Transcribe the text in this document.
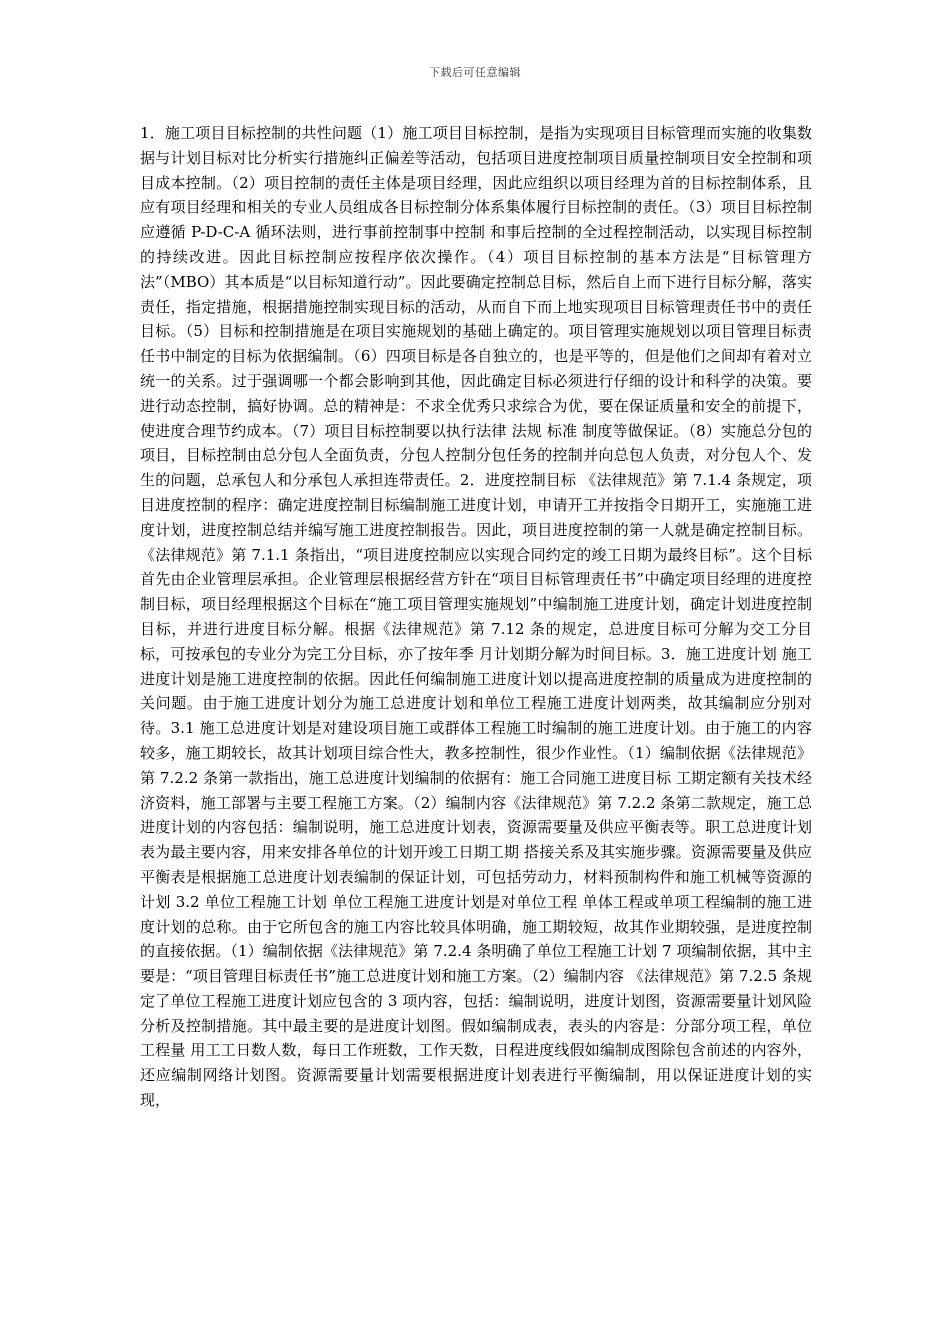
下载后可任意编辑

1．施工项目目标控制的共性问题（1）施工项目目标控制，是指为实现项目目标管理而实施的收集数据与计划目标对比分析实行措施纠正偏差等活动，包括项目进度控制项目质量控制项目安全控制和项目成本控制。（2）项目控制的责任主体是项目经理，因此应组织以项目经理为首的目标控制体系，且应有项目经理和相关的专业人员组成各目标控制分体系集体履行目标控制的责任。（3）项目目标控制应遵循 P-D-C-A 循环法则，进行事前控制事中控制 和事后控制的全过程控制活动，以实现目标控制的持续改进。因此目标控制应按程序依次操作。（4）项目目标控制的基本方法是“目标管理方法”（MBO）其本质是“以目标知道行动”。因此要确定控制总目标，然后自上而下进行目标分解，落实责任，指定措施，根据措施控制实现目标的活动，从而自下而上地实现项目目标管理责任书中的责任目标。（5）目标和控制措施是在项目实施规划的基础上确定的。项目管理实施规划以项目管理目标责任书中制定的目标为依据编制。（6）四项目标是各自独立的，也是平等的，但是他们之间却有着对立统一的关系。过于强调哪一个都会影响到其他，因此确定目标必须进行仔细的设计和科学的决策。要进行动态控制，搞好协调。总的精神是：不求全优秀只求综合为优，要在保证质量和安全的前提下，使进度合理节约成本。（7）项目目标控制要以执行法律 法规 标准 制度等做保证。（8）实施总分包的项目，目标控制由总分包人全面负责，分包人控制分包任务的控制并向总包人负责，对分包人个、发生的问题，总承包人和分承包人承担连带责任。2．进度控制目标 《法律规范》第 7.1.4 条规定，项目进度控制的程序：确定进度控制目标编制施工进度计划，申请开工并按指令日期开工，实施施工进度计划，进度控制总结并编写施工进度控制报告。因此，项目进度控制的第一人就是确定控制目标。 《法律规范》第 7.1.1 条指出，“项目进度控制应以实现合同约定的竣工日期为最终目标”。这个目标首先由企业管理层承担。企业管理层根据经营方针在“项目目标管理责任书”中确定项目经理的进度控制目标，项目经理根据这个目标在“施工项目管理实施规划”中编制施工进度计划，确定计划进度控制目标，并进行进度目标分解。根据《法律规范》第 7.12 条的规定，总进度目标可分解为交工分目标，可按承包的专业分为完工分目标，亦了按年季 月计划期分解为时间目标。3．施工进度计划 施工进度计划是施工进度控制的依据。因此任何编制施工进度计划以提高进度控制的质量成为进度控制的关问题。由于施工进度计划分为施工总进度计划和单位工程施工进度计划两类，故其编制应分别对待。3.1 施工总进度计划是对建设项目施工或群体工程施工时编制的施工进度计划。由于施工的内容较多，施工期较长，故其计划项目综合性大，教多控制性，很少作业性。（1）编制依据《法律规范》第 7.2.2 条第一款指出，施工总进度计划编制的依据有：施工合同施工进度目标 工期定额有关技术经济资料，施工部署与主要工程施工方案。（2）编制内容《法律规范》第 7.2.2 条第二款规定，施工总进度计划的内容包括：编制说明，施工总进度计划表，资源需要量及供应平衡表等。职工总进度计划表为最主要内容，用来安排各单位的计划开竣工日期工期 搭接关系及其实施步骤。资源需要量及供应平衡表是根据施工总进度计划表编制的保证计划，可包括劳动力，材料预制构件和施工机械等资源的计划 3.2 单位工程施工计划 单位工程施工进度计划是对单位工程 单体工程或单项工程编制的施工进度计划的总称。由于它所包含的施工内容比较具体明确，施工期较短，故其作业期较强，是进度控制的直接依据。（1）编制依据《法律规范》第 7.2.4 条明确了单位工程施工计划 7 项编制依据，其中主要是：“项目管理目标责任书”施工总进度计划和施工方案。（2）编制内容 《法律规范》第 7.2.5 条规定了单位工程施工进度计划应包含的 3 项内容，包括：编制说明，进度计划图，资源需要量计划风险分析及控制措施。其中最主要的是进度计划图。假如编制成表，表头的内容是：分部分项工程，单位 工程量 用工工日数人数，每日工作班数，工作天数，日程进度线假如编制成图除包含前述的内容外，还应编制网络计划图。资源需要量计划需要根据进度计划表进行平衡编制，用以保证进度计划的实现，
